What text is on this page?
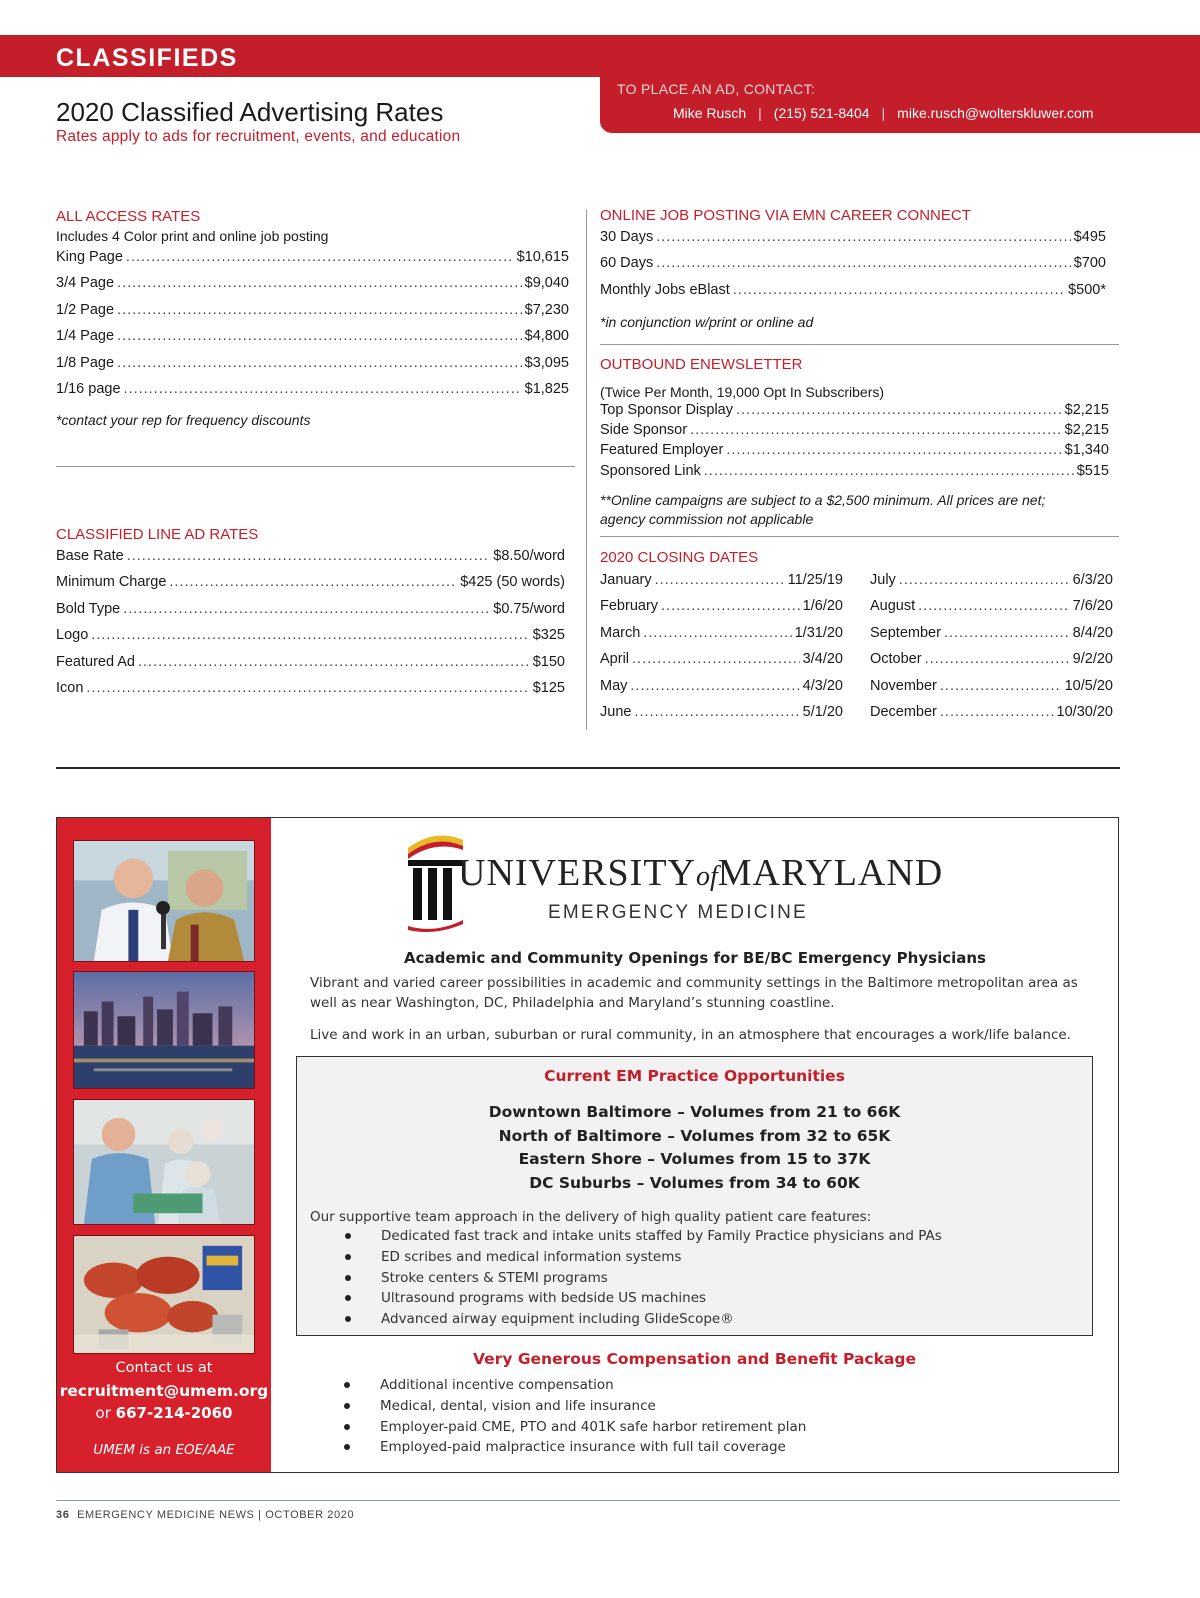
CLASSIFIEDS
TO PLACE AN AD, CONTACT:
Mike Rusch | (215) 521-8404 | mike.rusch@wolterskluwer.com
2020 Classified Advertising Rates
Rates apply to ads for recruitment, events, and education
ALL ACCESS RATES
Includes 4 Color print and online job posting
King Page .....	$10,615
3/4 Page .....	$9,040
1/2 Page .....	$7,230
1/4 Page .....	$4,800
1/8 Page .....	$3,095
1/16 page .....	$1,825
*contact your rep for frequency discounts
CLASSIFIED LINE AD RATES
Base Rate .....	$8.50/word
Minimum Charge .....	$425 (50 words)
Bold Type .....	$0.75/word
Logo .....	$325
Featured Ad .....	$150
Icon .....	$125
ONLINE JOB POSTING VIA EMN CAREER CONNECT
30 Days .....	$495
60 Days .....	$700
Monthly Jobs eBlast .....	$500*
*in conjunction w/print or online ad
OUTBOUND ENEWSLETTER
(Twice Per Month, 19,000 Opt In Subscribers)
Top Sponsor Display .....	$2,215
Side Sponsor .....	$2,215
Featured Employer .....	$1,340
Sponsored Link .....	$515
**Online campaigns are subject to a $2,500 minimum. All prices are net;
agency commission not applicable
2020 CLOSING DATES
January .....	11/25/19
February .....	1/6/20
March .....	1/31/20
April .....	3/4/20
May .....	4/3/20
June .....	5/1/20
July .....	6/3/20
August .....	7/6/20
September .....	8/4/20
October .....	9/2/20
November .....	10/5/20
December .....	10/30/20
Contact us at
recruitment@umem.org
or 667-214-2060
UMEM is an EOE/AAE
UNIVERSITYofMARYLAND
EMERGENCY MEDICINE
Academic and Community Openings for BE/BC Emergency Physicians
Vibrant and varied career possibilities in academic and community settings in the Baltimore metropolitan area as well as near Washington, DC, Philadelphia and Maryland’s stunning coastline.
Live and work in an urban, suburban or rural community, in an atmosphere that encourages a work/life balance.
Current EM Practice Opportunities
Downtown Baltimore – Volumes from 21 to 66K
North of Baltimore – Volumes from 32 to 65K
Eastern Shore – Volumes from 15 to 37K
DC Suburbs – Volumes from 34 to 60K
Our supportive team approach in the delivery of high quality patient care features:
Dedicated fast track and intake units staffed by Family Practice physicians and PAs
ED scribes and medical information systems
Stroke centers & STEMI programs
Ultrasound programs with bedside US machines
Advanced airway equipment including GlideScope®
Very Generous Compensation and Benefit Package
Additional incentive compensation
Medical, dental, vision and life insurance
Employer-paid CME, PTO and 401K safe harbor retirement plan
Employed-paid malpractice insurance with full tail coverage
36 EMERGENCY MEDICINE NEWS | OCTOBER 2020
